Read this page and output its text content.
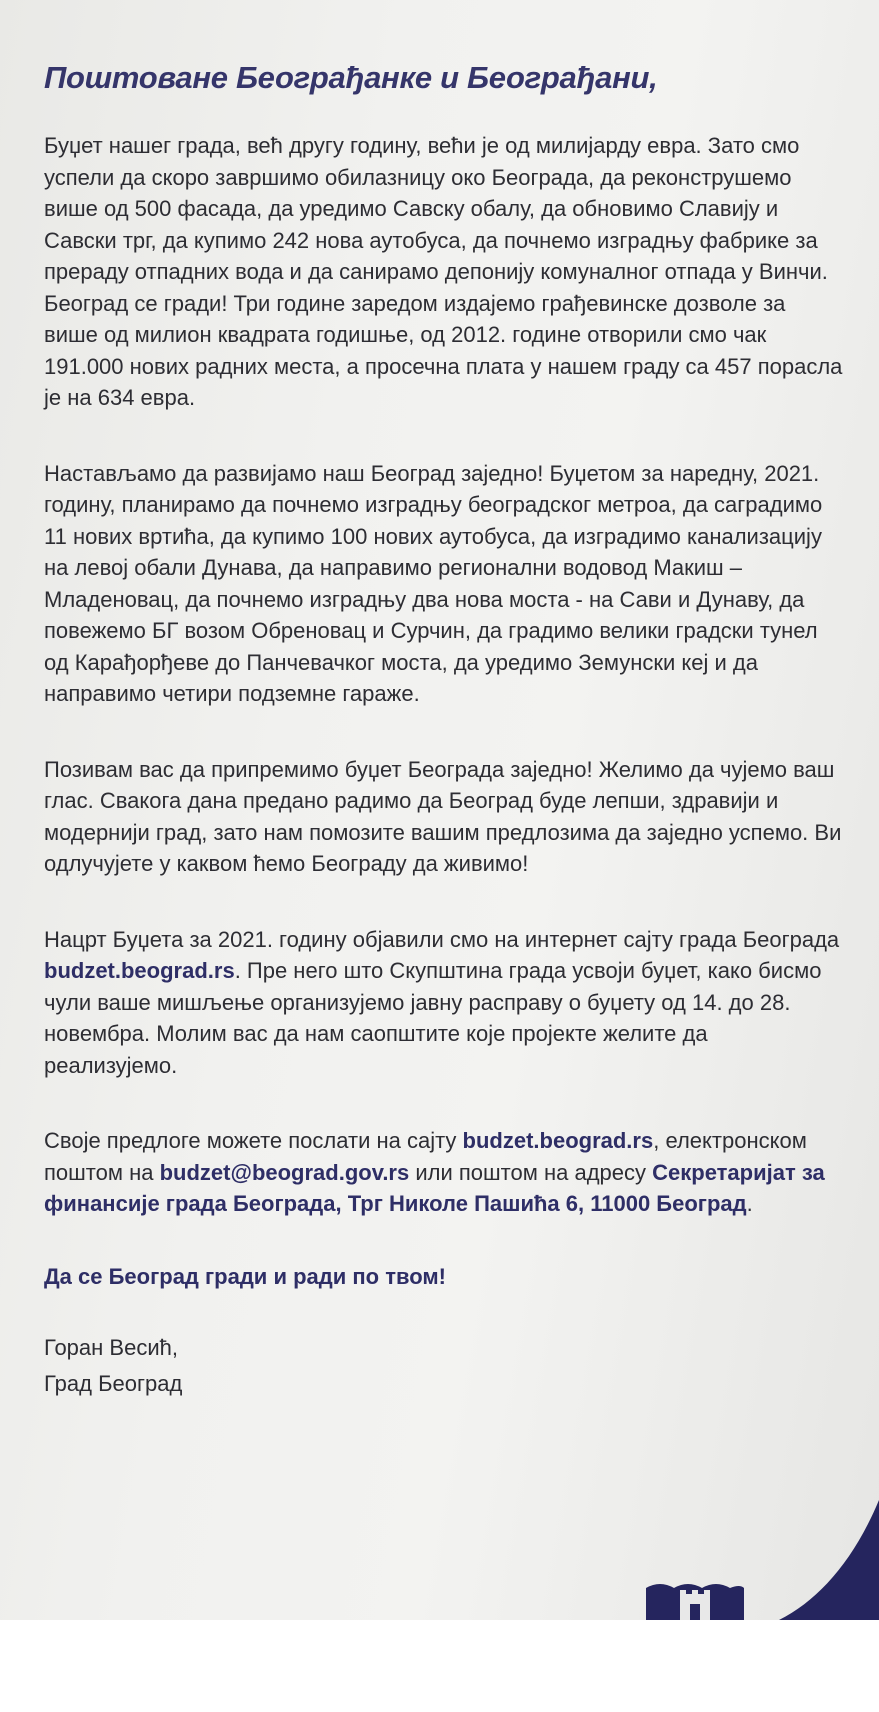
Поштоване Београђанке и Београђани,

Буџет нашег града, већ другу годину, већи је од милијарду евра. Зато смо успели да скоро завршимо обилазницу око Београда, да реконструшемо више од 500 фасада, да уредимо Савску обалу, да обновимо Славију и Савски трг, да купимо 242 нова аутобуса, да почнемо изградњу фабрике за прераду отпадних вода и да санирамо депонију комуналног отпада у Винчи. Београд се гради! Три године заредом издајемо грађевинске дозволе за више од милион квадрата годишње, од 2012. године отворили смо чак 191.000 нових радних места, а просечна плата у нашем граду са 457 порасла је на 634 евра.

Настављамо да развијамо наш Београд заједно! Буџетом за наредну, 2021. годину, планирамо да почнемо изградњу београдског метроа, да саградимо 11 нових вртића, да купимо 100 нових аутобуса, да изградимо канализацију на левој обали Дунава, да направимо регионални водовод Макиш – Младеновац, да почнемо изградњу два нова моста - на Сави и Дунаву, да повежемо БГ возом Обреновац и Сурчин, да градимо велики градски тунел од Карађорђеве до Панчевачког моста, да уредимо Земунски кеј и да направимо четири подземне гараже.

Позивам вас да припремимо буџет Београда заједно! Желимо да чујемо ваш глас. Свакога дана предано радимо да Београд буде лепши, здравији и модернији град, зато нам помозите вашим предлозима да заједно успемо. Ви одлучујете у каквом ћемо Београду да живимо!

Нацрт Буџета за 2021. годину објавили смо на интернет сајту града Београда budzet.beograd.rs. Пре него што Скупштина града усвоји буџет, како бисмо чули ваше мишљење организујемо јавну расправу о буџету од 14. до 28. новембра. Молим вас да нам саопштите које пројекте желите да реализујемо.

Своје предлоге можете послати на сајту budzet.beograd.rs, електронском поштом на budzet@beograd.gov.rs или поштом на адресу Секретаријат за финансије града Београда, Трг Николе Пашића 6, 11000 Београд.

Да се Београд гради и ради по твом!

Горан Весић,
Град Београд
